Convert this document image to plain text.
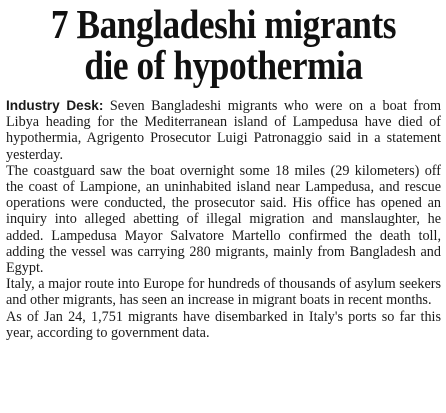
7 Bangladeshi migrants
die of hypothermia

Industry Desk: Seven Bangladeshi migrants who were on a boat from Libya heading for the Mediterranean island of Lampedusa have died of hypothermia, Agrigento Prosecutor Luigi Patronaggio said in a statement yesterday.

The coastguard saw the boat overnight some 18 miles (29 kilometers) off the coast of Lampione, an uninhabited island near Lampedusa, and rescue operations were conducted, the prosecutor said. His office has opened an inquiry into alleged abetting of illegal migration and manslaughter, he added. Lampedusa Mayor Salvatore Martello confirmed the death toll, adding the vessel was carrying 280 migrants, mainly from Bangladesh and Egypt.

Italy, a major route into Europe for hundreds of thousands of asylum seekers and other migrants, has seen an increase in migrant boats in recent months.

As of Jan 24, 1,751 migrants have disembarked in Italy's ports so far this year, according to government data.
